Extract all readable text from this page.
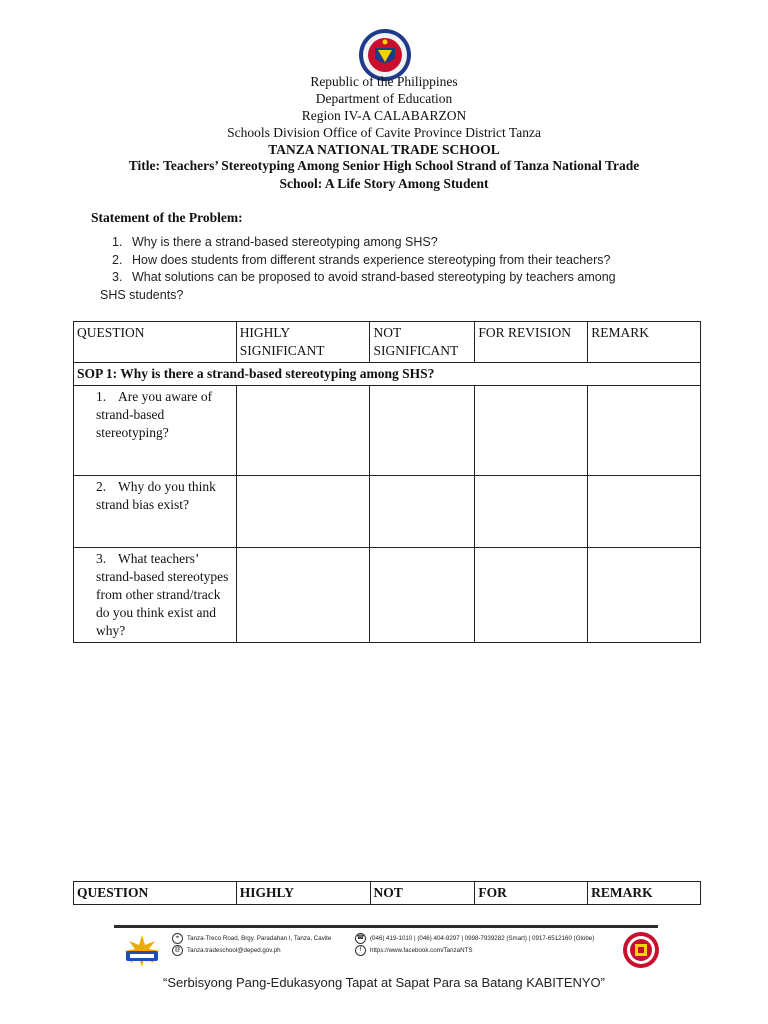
Republic of the Philippines
Department of Education
Region IV-A CALABARZON
Schools Division Office of Cavite Province District Tanza
TANZA NATIONAL TRADE SCHOOL
Title: Teachers’ Stereotyping Among Senior High School Strand of Tanza National Trade
School: A Life Story Among Student
Statement of the Problem:
1. Why is there a strand-based stereotyping among SHS?
2. How does students from different strands experience stereotyping from their teachers?
3. What solutions can be proposed to avoid strand-based stereotyping by teachers among
SHS students?
QUESTION	HIGHLY SIGNIFICANT	NOT SIGNIFICANT	FOR REVISION	REMARK
SOP 1: Why is there a strand-based stereotyping among SHS?				
1. Are you aware of strand-based stereotyping?				
2. Why do you think strand bias exist?				
3. What teachers’ strand-based stereotypes from other strand/track do you think exist and why?				
QUESTION	HIGHLY	NOT	FOR	REMARK
⌖	Tanza-Treco Road, Brgy. Paradahan I, Tanza, Cavite	☎ (046) 419-1010 | (046) 404-9297 | 0998-7939282 (Smart) | 0917-6512160 (Globe)
@	Tanza.tradeschool@deped.gov.ph	f	https://www.facebook.com/TanzaNTS
“Serbisyong Pang-Edukasyong Tapat at Sapat Para sa Batang KABITENYO”
